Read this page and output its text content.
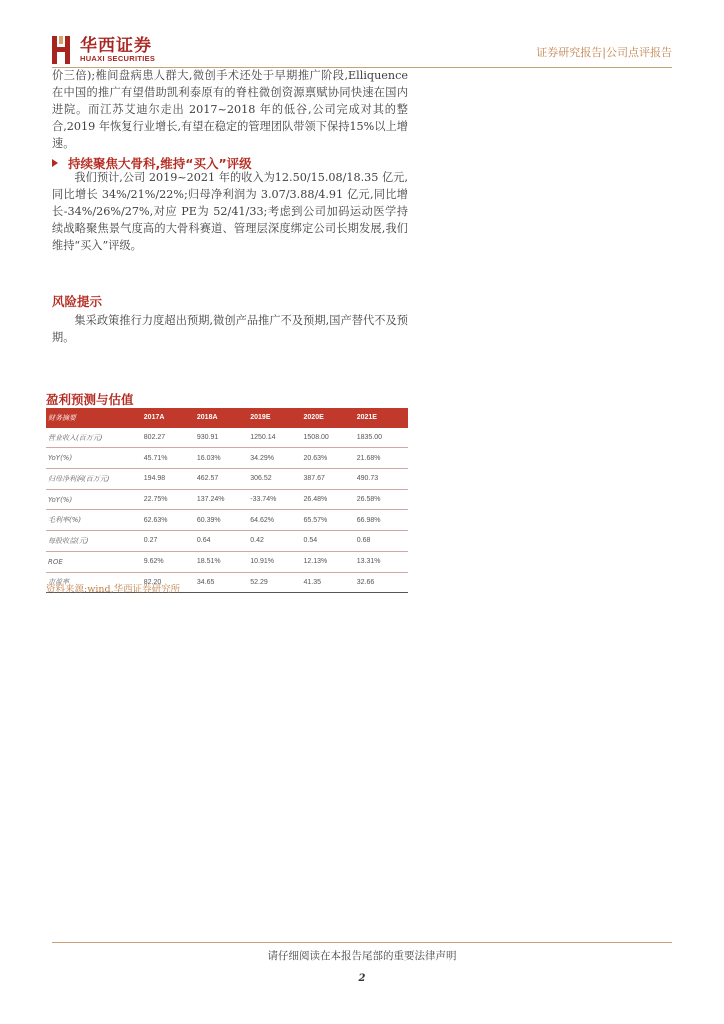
华西证券
HUAXI SECURITIES	证券研究报告|公司点评报告

价三倍);椎间盘病患人群大,微创手术还处于早期推广阶段,Elliquence 在中国的推广有望借助凯利泰原有的脊柱微创资源禀赋协同快速在国内进院。而江苏艾迪尔走出 2017~2018 年的低谷,公司完成对其的整合,2019 年恢复行业增长,有望在稳定的管理团队带领下保持15%以上增速。

持续聚焦大骨科,维持“买入”评级

我们预计,公司 2019~2021 年的收入为12.50/15.08/18.35 亿元,同比增长 34%/21%/22%;归母净利润为 3.07/3.88/4.91 亿元,同比增长-34%/26%/27%,对应 PE为 52/41/33;考虑到公司加码运动医学持续战略聚焦景气度高的大骨科赛道、管理层深度绑定公司长期发展,我们维持“买入”评级。

风险提示

集采政策推行力度超出预期,微创产品推广不及预期,国产替代不及预期。

盈利预测与估值
财务摘要	2017A	2018A	2019E	2020E	2021E
营业收入(百万元)	802.27	930.91	1250.14	1508.00	1835.00
YoY(%)	45.71%	16.03%	34.29%	20.63%	21.68%
归母净利润(百万元)	194.98	462.57	306.52	387.67	490.73
YoY(%)	22.75%	137.24%	-33.74%	26.48%	26.58%
毛利率(%)	62.63%	60.39%	64.62%	65.57%	66.98%
每股收益(元)	0.27	0.64	0.42	0.54	0.68
ROE	9.62%	18.51%	10.91%	12.13%	13.31%
市盈率	82.20	34.65	52.29	41.35	32.66
资料来源:wind,华西证券研究所
请仔细阅读在本报告尾部的重要法律声明
2
